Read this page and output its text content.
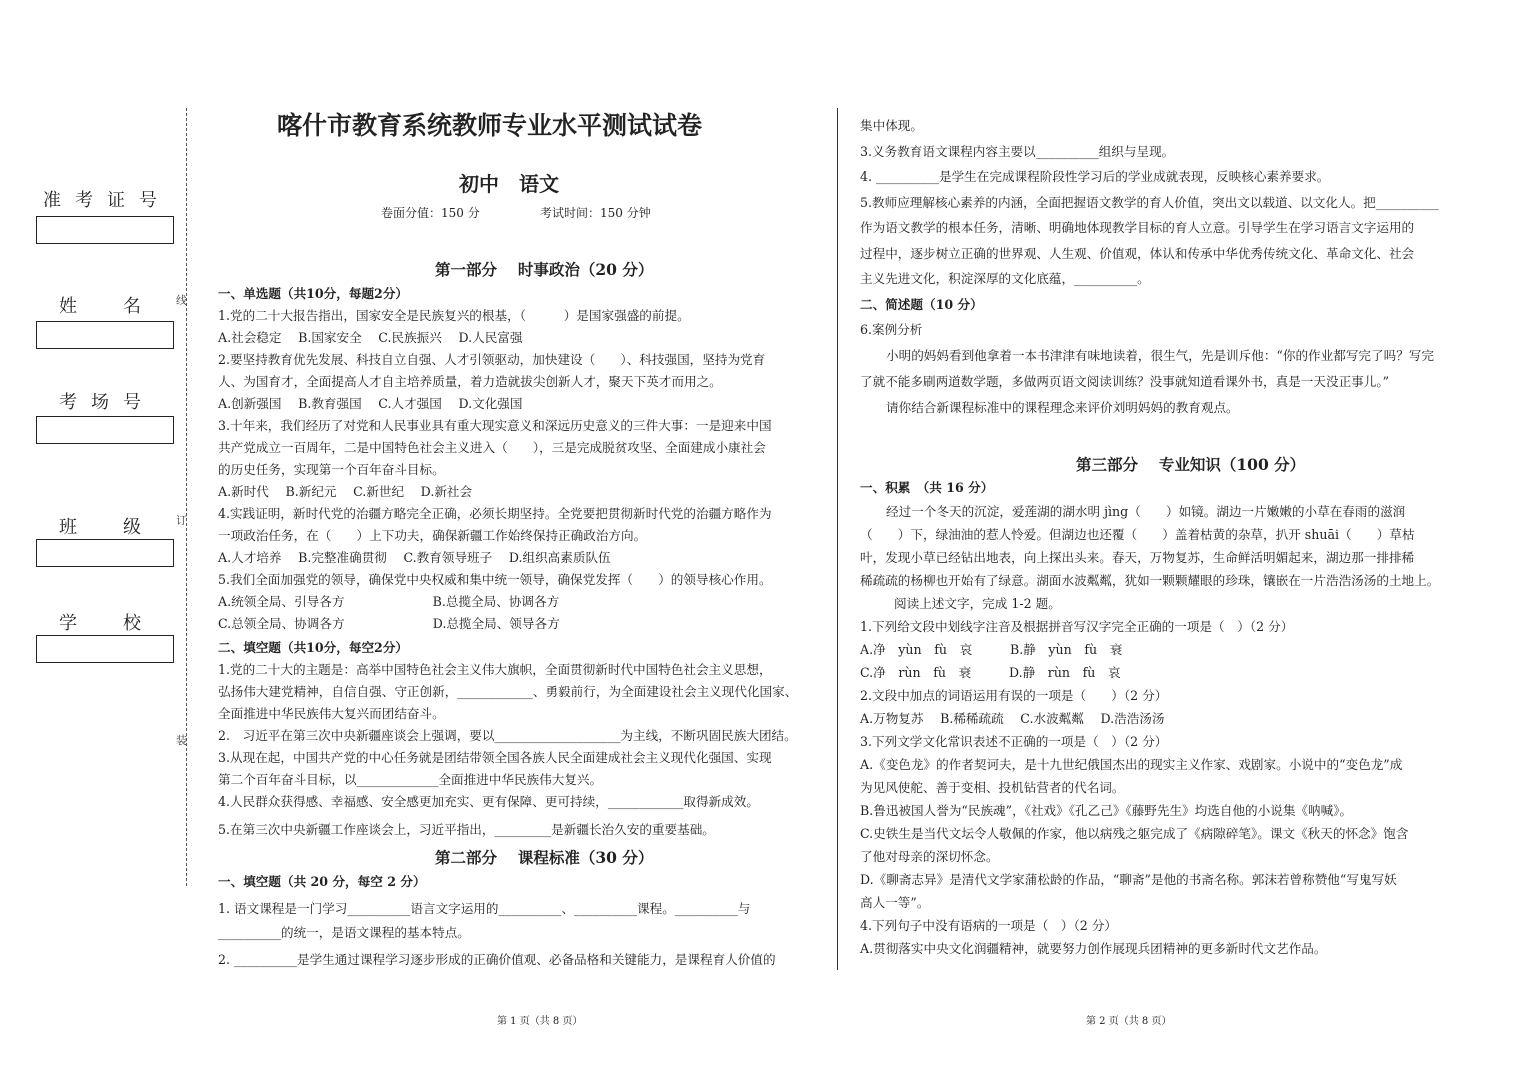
准考证号
姓　名
考场号
班　级
学　校
线
订
装
喀什市教育系统教师专业水平测试试卷
初中　语文
卷面分值：150 分	考试时间：150 分钟
第一部分　 时事政治（20 分）
一、单选题（共10分，每题2分）
1.党的二十大报告指出，国家安全是民族复兴的根基，（　　　）是国家强盛的前提。
A.社会稳定　 B.国家安全　 C.民族振兴　 D.人民富强
2.要坚持教育优先发展、科技自立自强、人才引领驱动，加快建设（　　）、科技强国，坚持为党育
人、为国育才，全面提高人才自主培养质量，着力造就拔尖创新人才，聚天下英才而用之。
A.创新强国　 B.教育强国　 C.人才强国　 D.文化强国
3.十年来，我们经历了对党和人民事业具有重大现实意义和深远历史意义的三件大事：一是迎来中国
共产党成立一百周年，二是中国特色社会主义进入（　　），三是完成脱贫攻坚、全面建成小康社会
的历史任务，实现第一个百年奋斗目标。
A.新时代　 B.新纪元　 C.新世纪　 D.新社会
4.实践证明，新时代党的治疆方略完全正确，必须长期坚持。全党要把贯彻新时代党的治疆方略作为
一项政治任务，在（　　）上下功夫，确保新疆工作始终保持正确政治方向。
A.人才培养　 B.完整准确贯彻　 C.教育领导班子　 D.组织高素质队伍
5.我们全面加强党的领导，确保党中央权威和集中统一领导，确保党发挥（　　）的领导核心作用。
A.统领全局、引导各方　　　　　　　B.总揽全局、协调各方
C.总领全局、协调各方　　　　　　　D.总揽全局、领导各方
二、填空题（共10分，每空2分）
1.党的二十大的主题是：高举中国特色社会主义伟大旗帜，全面贯彻新时代中国特色社会主义思想，
弘扬伟大建党精神，自信自强、守正创新，____________、勇毅前行，为全面建设社会主义现代化国家、
全面推进中华民族伟大复兴而团结奋斗。
2.　习近平在第三次中央新疆座谈会上强调，要以____________________为主线，不断巩固民族大团结。
3.从现在起，中国共产党的中心任务就是团结带领全国各族人民全面建成社会主义现代化强国、实现
第二个百年奋斗目标，以_____________全面推进中华民族伟大复兴。
4.人民群众获得感、幸福感、安全感更加充实、更有保障、更可持续，____________取得新成效。
5.在第三次中央新疆工作座谈会上，习近平指出，_________是新疆长治久安的重要基础。
第二部分　 课程标准（30 分）
一、填空题（共 20 分，每空 2 分）
1. 语文课程是一门学习__________语言文字运用的__________、__________课程。__________与
__________的统一，是语文课程的基本特点。
2. __________是学生通过课程学习逐步形成的正确价值观、必备品格和关键能力，是课程育人价值的
集中体现。
3.义务教育语文课程内容主要以__________组织与呈现。
4. __________是学生在完成课程阶段性学习后的学业成就表现，反映核心素养要求。
5.教师应理解核心素养的内涵，全面把握语文教学的育人价值，突出文以载道、以文化人。把__________
作为语文教学的根本任务，清晰、明确地体现教学目标的育人立意。引导学生在学习语言文字运用的
过程中，逐步树立正确的世界观、人生观、价值观，体认和传承中华优秀传统文化、革命文化、社会
主义先进文化，积淀深厚的文化底蕴，__________。
二、简述题（10 分）
6.案例分析
小明的妈妈看到他拿着一本书津津有味地读着，很生气，先是训斥他：“你的作业都写完了吗？写完
了就不能多刷两道数学题，多做两页语文阅读训练？没事就知道看课外书，真是一天没正事儿。”
请你结合新课程标准中的课程理念来评价刘明妈妈的教育观点。
第三部分　 专业知识（100 分）
一、积累　（共 16 分）
经过一个冬天的沉淀，爱莲湖的湖水明 jìng（　　）如镜。湖边一片嫩嫩的小草在春雨的滋润
（　　）下，绿油油的惹人怜爱。但湖边也还覆（　　）盖着枯黄的杂草，扒开 shuāi（　　）草枯
叶，发现小草已经钻出地表，向上探出头来。春天，万物复苏，生命鲜活明媚起来，湖边那一排排稀
稀疏疏的杨柳也开始有了绿意。湖面水波粼粼，犹如一颗颗耀眼的珍珠，镶嵌在一片浩浩汤汤的土地上。
阅读上述文字，完成 1-2 题。
1.下列给文段中划线字注音及根据拼音写汉字完全正确的一项是（　）（2 分）
A.净　yùn　fù　哀　　　B.静　yùn　fù　衰
C.净　rùn　fù　衰　　　D.静　rùn　fù　哀
2.文段中加点的词语运用有误的一项是（　　）（2 分）
A.万物复苏　 B.稀稀疏疏　 C.水波粼粼　 D.浩浩汤汤
3.下列文学文化常识表述不正确的一项是（　）（2 分）
A.《变色龙》的作者契诃夫，是十九世纪俄国杰出的现实主义作家、戏剧家。小说中的“变色龙”成
为见风使舵、善于变相、投机钻营者的代名词。
B.鲁迅被国人誉为“民族魂”，《社戏》《孔乙己》《藤野先生》均选自他的小说集《呐喊》。
C.史铁生是当代文坛令人敬佩的作家，他以病残之躯完成了《病隙碎笔》。课文《秋天的怀念》饱含
了他对母亲的深切怀念。
D.《聊斋志异》是清代文学家蒲松龄的作品，“聊斋”是他的书斋名称。郭沫若曾称赞他“写鬼写妖
高人一等”。
4.下列句子中没有语病的一项是（　）（2 分）
A.贯彻落实中央文化润疆精神，就要努力创作展现兵团精神的更多新时代文艺作品。
第 1 页（共 8 页）	第 2 页（共 8 页）
